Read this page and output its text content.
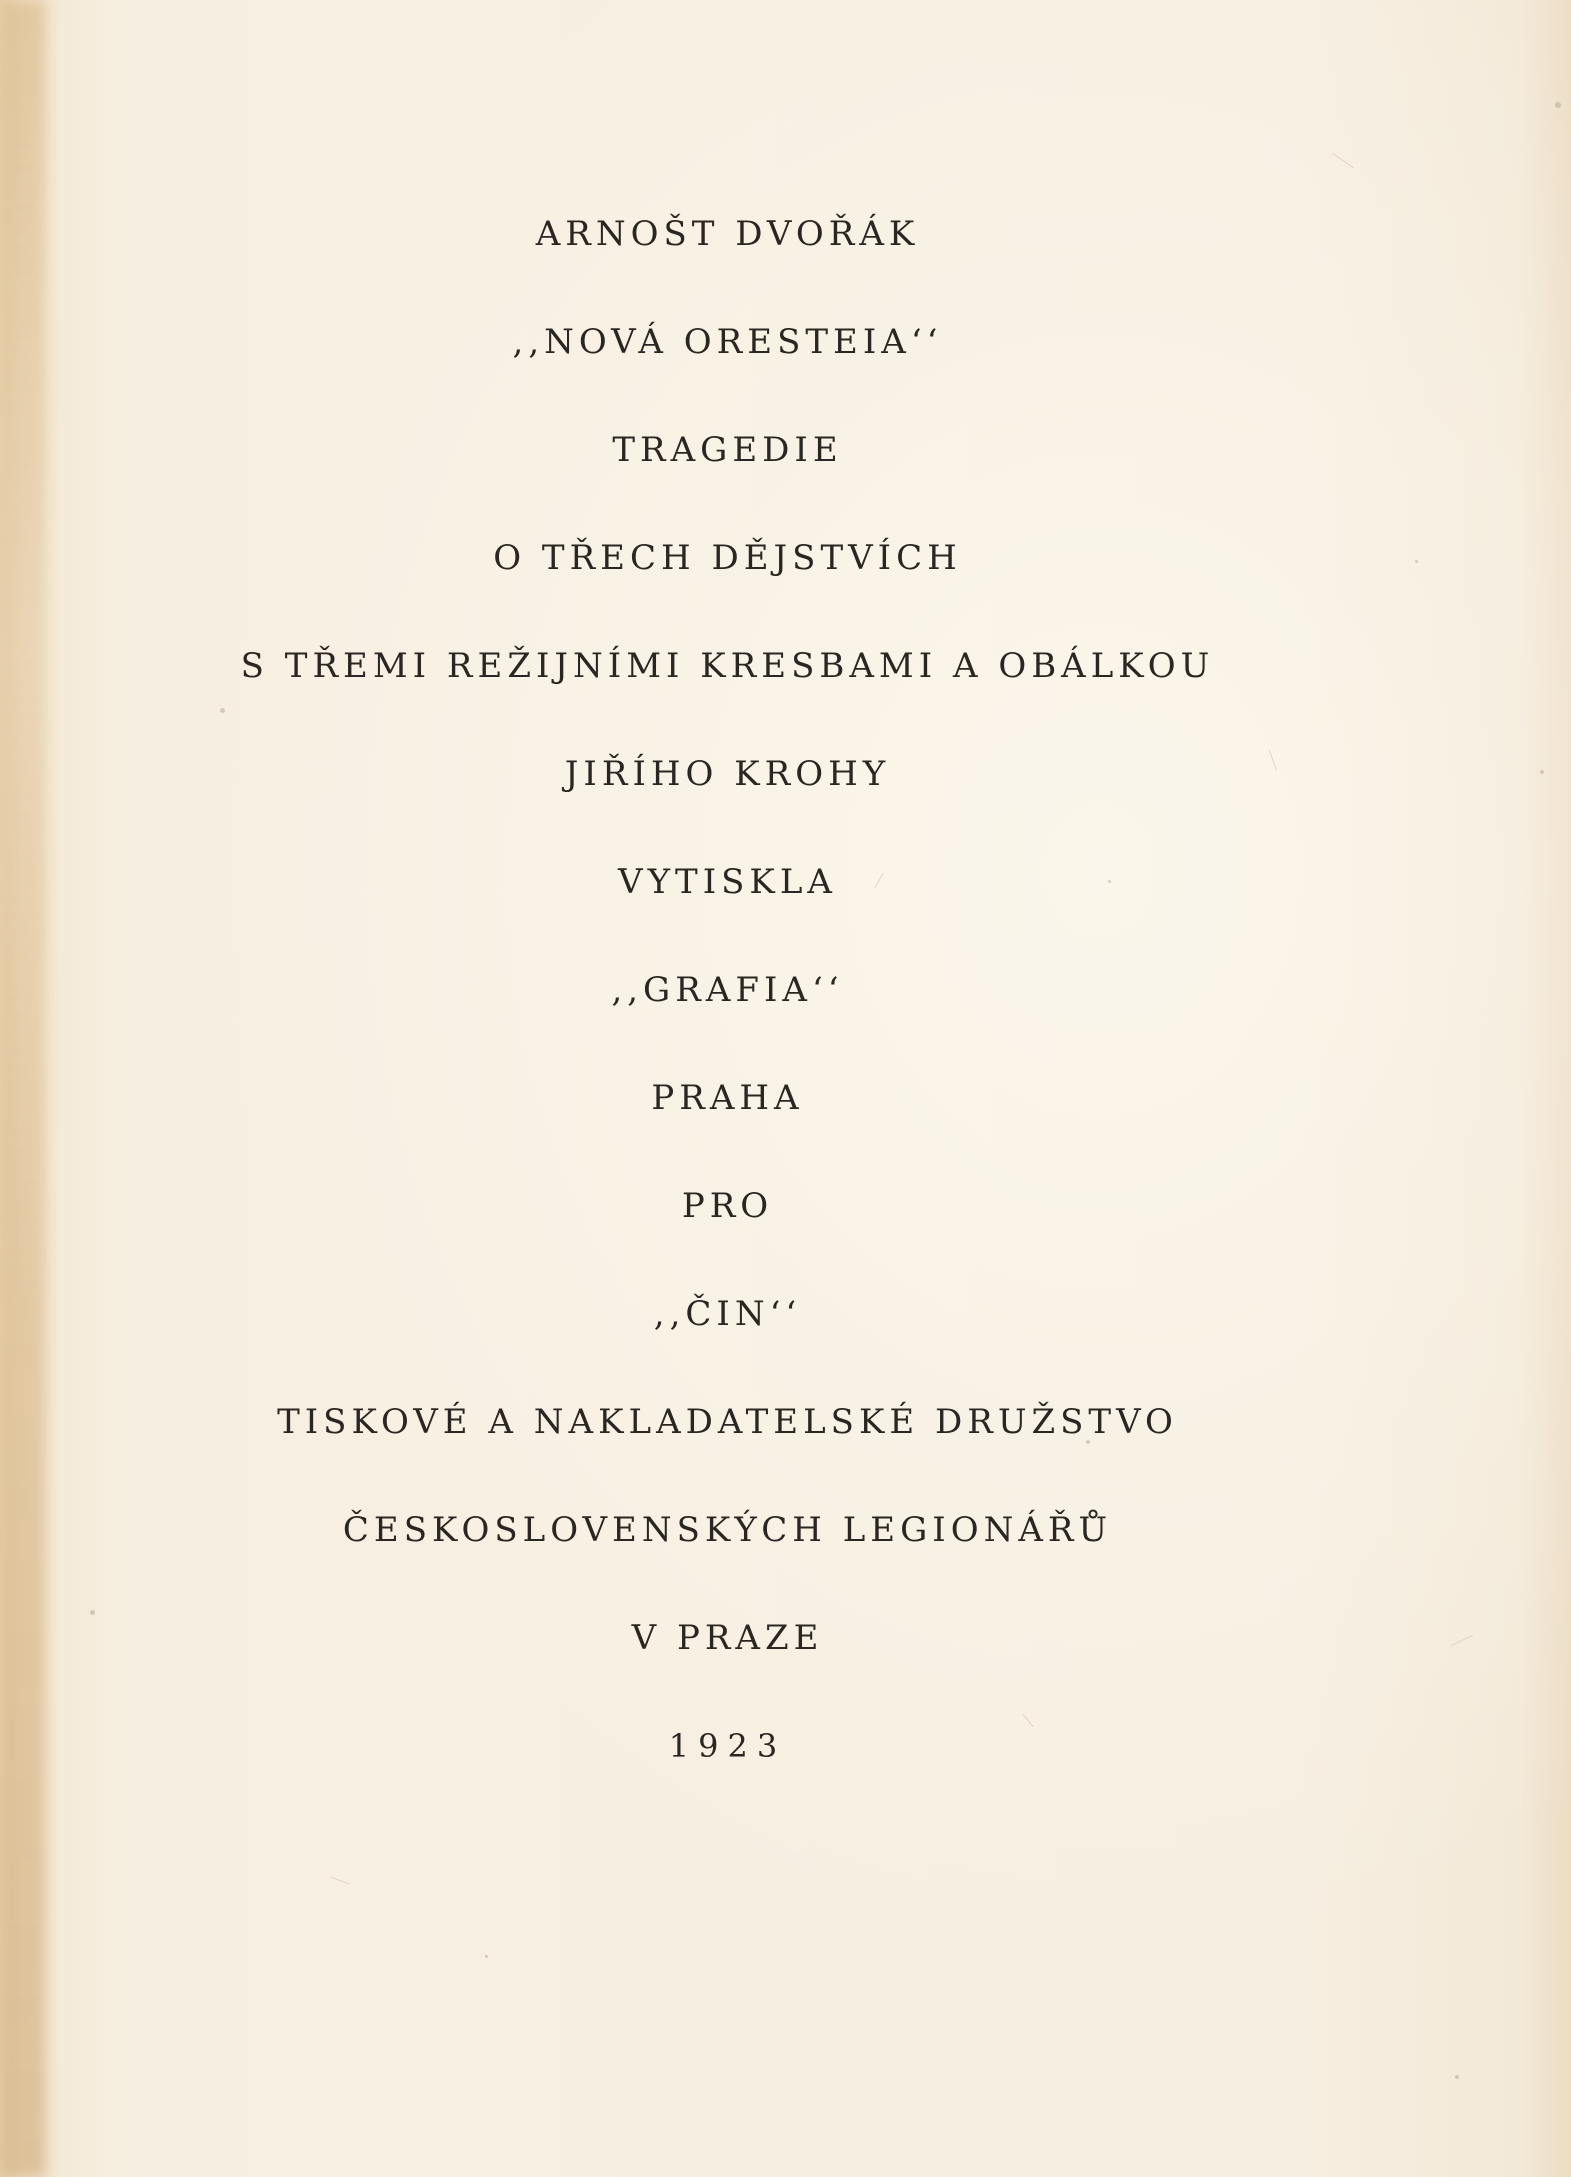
ARNOŠT DVOŘÁK
,,NOVÁ ORESTEIA‘‘
TRAGEDIE
O TŘECH DĚJSTVÍCH
S TŘEMI REŽIJNÍMI KRESBAMI A OBÁLKOU
JIŘÍHO KROHY
VYTISKLA
,,GRAFIA‘‘
PRAHA
PRO
,,ČIN‘‘
TISKOVÉ A NAKLADATELSKÉ DRUŽSTVO
ČESKOSLOVENSKÝCH LEGIONÁŘŮ
V PRAZE
1923
